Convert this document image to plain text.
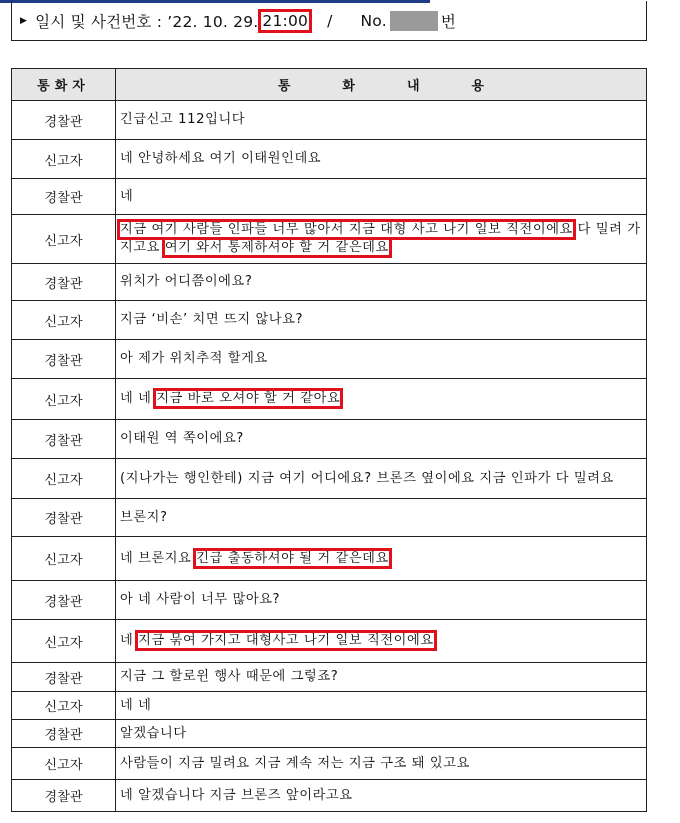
▶ 일시 및 사건번호 : ’22. 10. 29. 21:00 / No.	번
통화자	통화내용
경찰관	긴급신고 112입니다
신고자	네 안녕하세요 여기 이태원인데요
경찰관	네
신고자	지금 여기 사람들 인파들 너무 많아서 지금 대형 사고 나기 일보 직전이에요 다 밀려 가지고요 여기 와서 통제하셔야 할 거 같은데요
경찰관	위치가 어디쯤이에요?
신고자	지금 ‘비손’ 치면 뜨지 않나요?
경찰관	아 제가 위치추적 할게요
신고자	네 네 지금 바로 오셔야 할 거 같아요
경찰관	이태원 역 쪽이에요?
신고자	(지나가는 행인한테) 지금 여기 어디에요? 브론즈 옆이에요 지금 인파가 다 밀려요
경찰관	브론지?
신고자	네 브론지요 긴급 출동하셔야 될 거 같은데요
경찰관	아 네 사람이 너무 많아요?
신고자	네 지금 묶여 가지고 대형사고 나기 일보 직전이에요
경찰관	지금 그 할로윈 행사 때문에 그렇죠?
신고자	네 네
경찰관	알겠습니다
신고자	사람들이 지금 밀려요 지금 계속 저는 지금 구조 돼 있고요
경찰관	네 알겠습니다 지금 브론즈 앞이라고요
